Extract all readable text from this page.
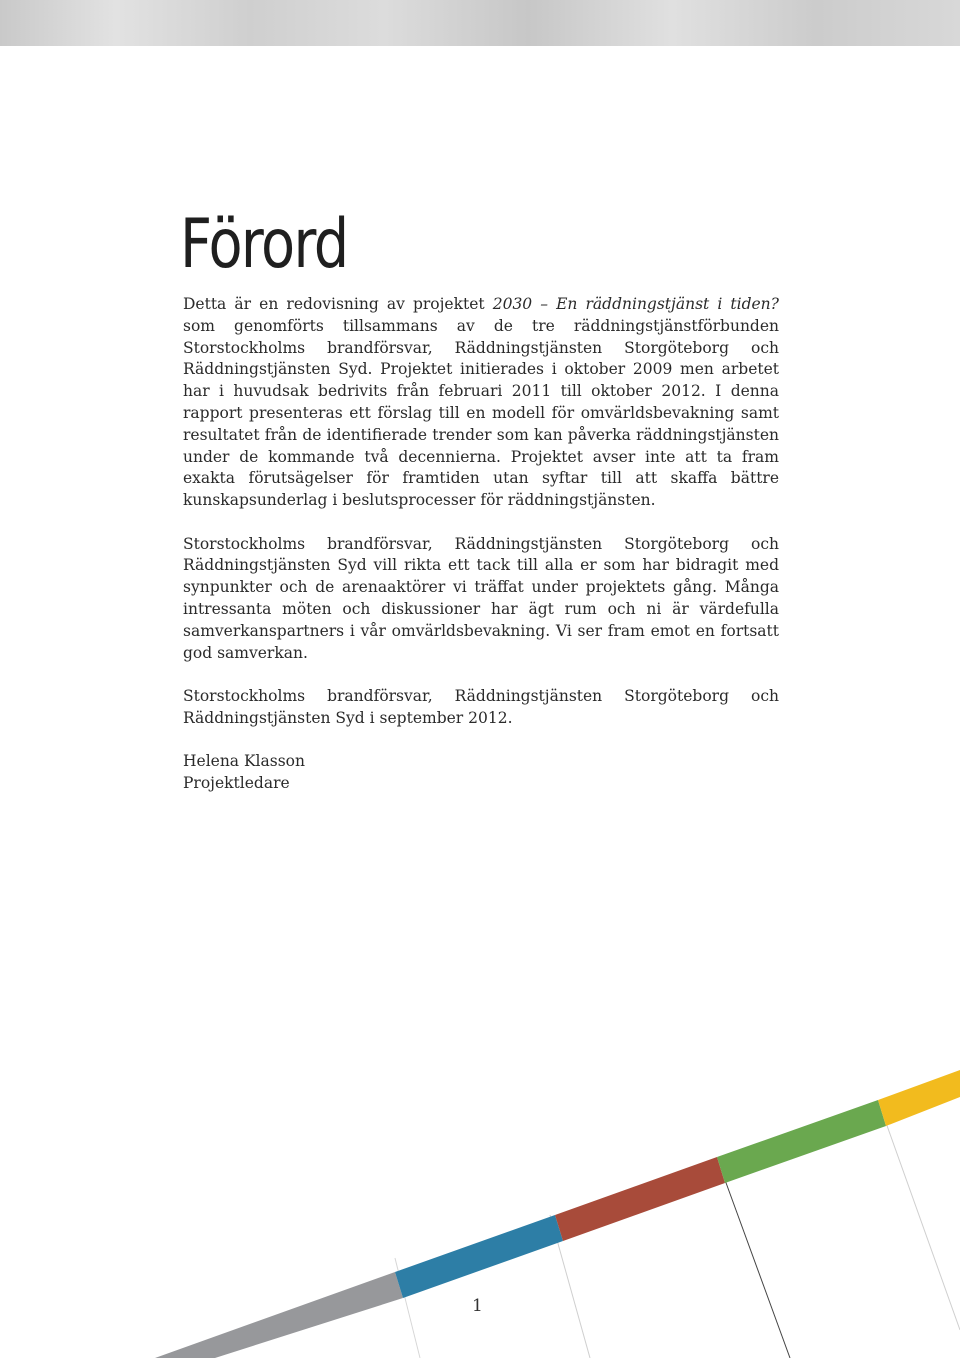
Förord

Detta är en redovisning av projektet 2030 – En räddningstjänst i tiden? som genomförts tillsammans av de tre räddningstjänstförbunden Storstockholms brandförsvar, Räddningstjänsten Storgöteborg och Räddningstjänsten Syd. Projektet initierades i oktober 2009 men arbetet har i huvudsak bedrivits från februari 2011 till oktober 2012. I denna rapport presenteras ett förslag till en modell för omvärldsbevakning samt resultatet från de identifierade trender som kan påverka räddningstjänsten under de kommande två decennierna. Projektet avser inte att ta fram exakta förutsägelser för framtiden utan syftar till att skaffa bättre kunskapsunderlag i beslutsprocesser för räddningstjänsten.

Storstockholms brandförsvar, Räddningstjänsten Storgöteborg och Räddningstjänsten Syd vill rikta ett tack till alla er som har bidragit med synpunkter och de arenaaktörer vi träffat under projektets gång. Många intressanta möten och diskussioner har ägt rum och ni är värdefulla samverkanspartners i vår omvärldsbevakning. Vi ser fram emot en fortsatt god samverkan.

Storstockholms brandförsvar, Räddningstjänsten Storgöteborg och Räddningstjänsten Syd i september 2012.

Helena Klasson
Projektledare

1
